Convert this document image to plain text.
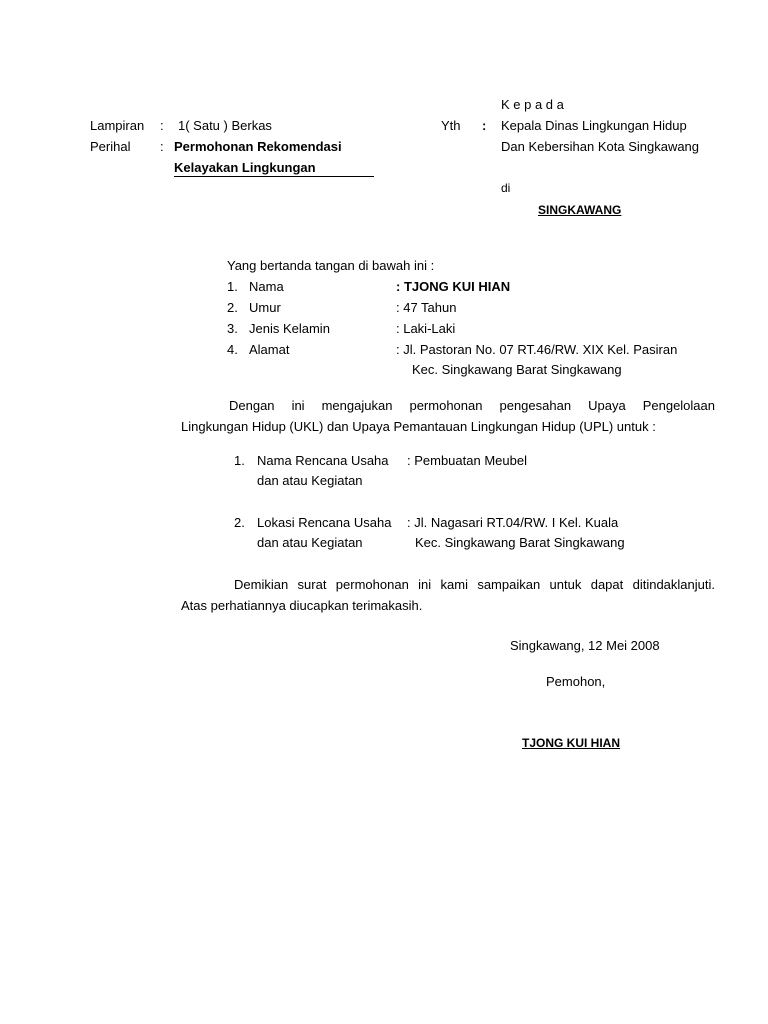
Lampiran : 1( Satu ) Berkas
Perihal : Permohonan Rekomendasi
Kelayakan Lingkungan
K e p a d a
Yth : Kepala Dinas Lingkungan Hidup
Dan Kebersihan Kota Singkawang
di
SINGKAWANG
Yang bertanda tangan di bawah ini :
1. Nama	: TJONG KUI HIAN
2. Umur	: 47 Tahun
3. Jenis Kelamin	: Laki-Laki
4. Alamat	: Jl. Pastoran No. 07 RT.46/RW. XIX Kel. Pasiran
Kec. Singkawang Barat Singkawang
Dengan ini mengajukan permohonan pengesahan Upaya Pengelolaan
Lingkungan Hidup (UKL) dan Upaya Pemantauan Lingkungan Hidup (UPL) untuk :
1. Nama Rencana Usaha : Pembuatan Meubel
dan atau Kegiatan
2. Lokasi Rencana Usaha : Jl. Nagasari RT.04/RW. I Kel. Kuala
dan atau Kegiatan	Kec. Singkawang Barat Singkawang
Demikian surat permohonan ini kami sampaikan untuk dapat ditindaklanjuti.
Atas perhatiannya diucapkan terimakasih.
Singkawang, 12 Mei 2008
Pemohon,
TJONG KUI HIAN
